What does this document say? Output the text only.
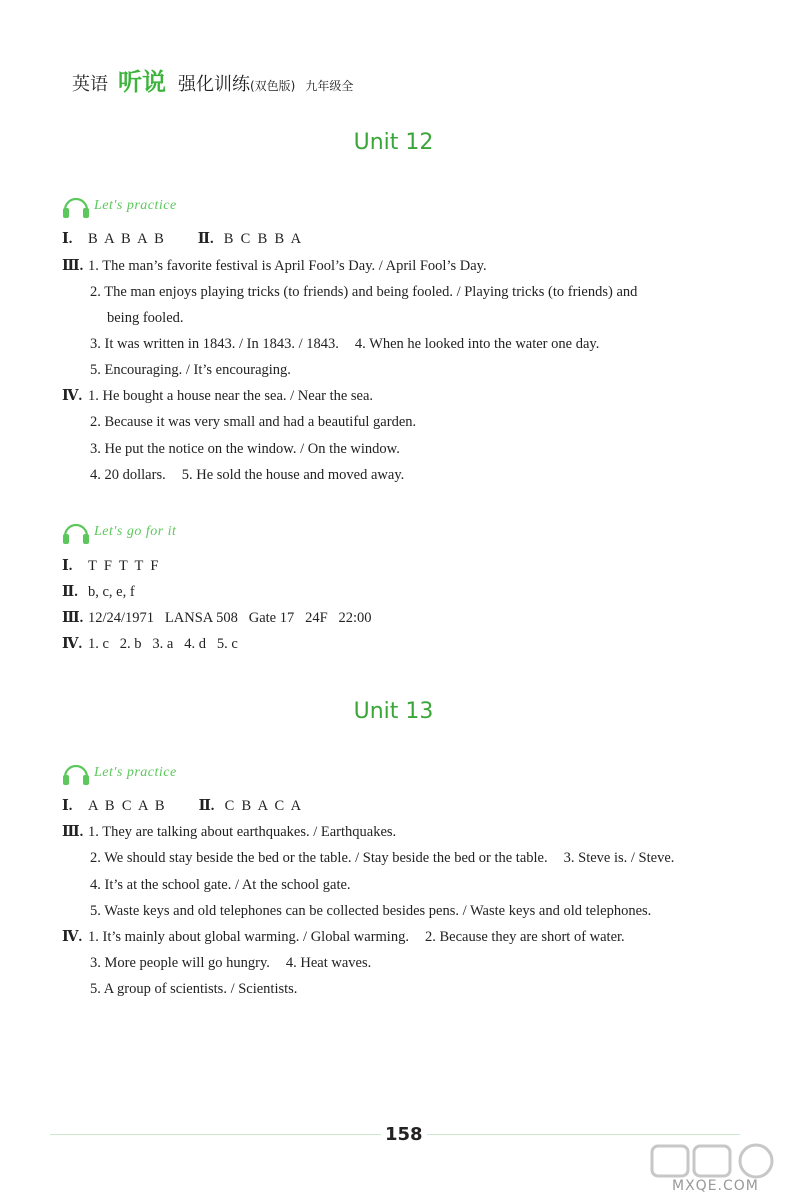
英语 听说 强化训练 (双色版) 九年级全
Unit 12
Let's practice
Ⅰ. B  A  B  A  B Ⅱ. B  C  B  B  A
Ⅲ. 1. The man’s favorite festival is April Fool’s Day. / April Fool’s Day.
2. The man enjoys playing tricks (to friends) and being fooled. / Playing tricks (to friends) and
being fooled.
3. It was written in 1843. / In 1843. / 1843. 4. When he looked into the water one day.
5. Encouraging. / It’s encouraging.
Ⅳ. 1. He bought a house near the sea. / Near the sea.
2. Because it was very small and had a beautiful garden.
3. He put the notice on the window. / On the window.
4. 20 dollars. 5. He sold the house and moved away.
Let's go for it
Ⅰ. T  F  T  T  F
Ⅱ. b, c, e, f
Ⅲ. 12/24/1971   LANSA 508   Gate 17   24F   22:00
Ⅳ. 1. c   2. b   3. a   4. d   5. c
Unit 13
Let's practice
Ⅰ. A  B  C  A  B Ⅱ. C  B  A  C  A
Ⅲ. 1. They are talking about earthquakes. / Earthquakes.
2. We should stay beside the bed or the table. / Stay beside the bed or the table. 3. Steve is. / Steve.
4. It’s at the school gate. / At the school gate.
5. Waste keys and old telephones can be collected besides pens. / Waste keys and old telephones.
Ⅳ. 1. It’s mainly about global warming. / Global warming. 2. Because they are short of water.
3. More people will go hungry. 4. Heat waves.
5. A group of scientists. / Scientists.
158
MXQE.COM
